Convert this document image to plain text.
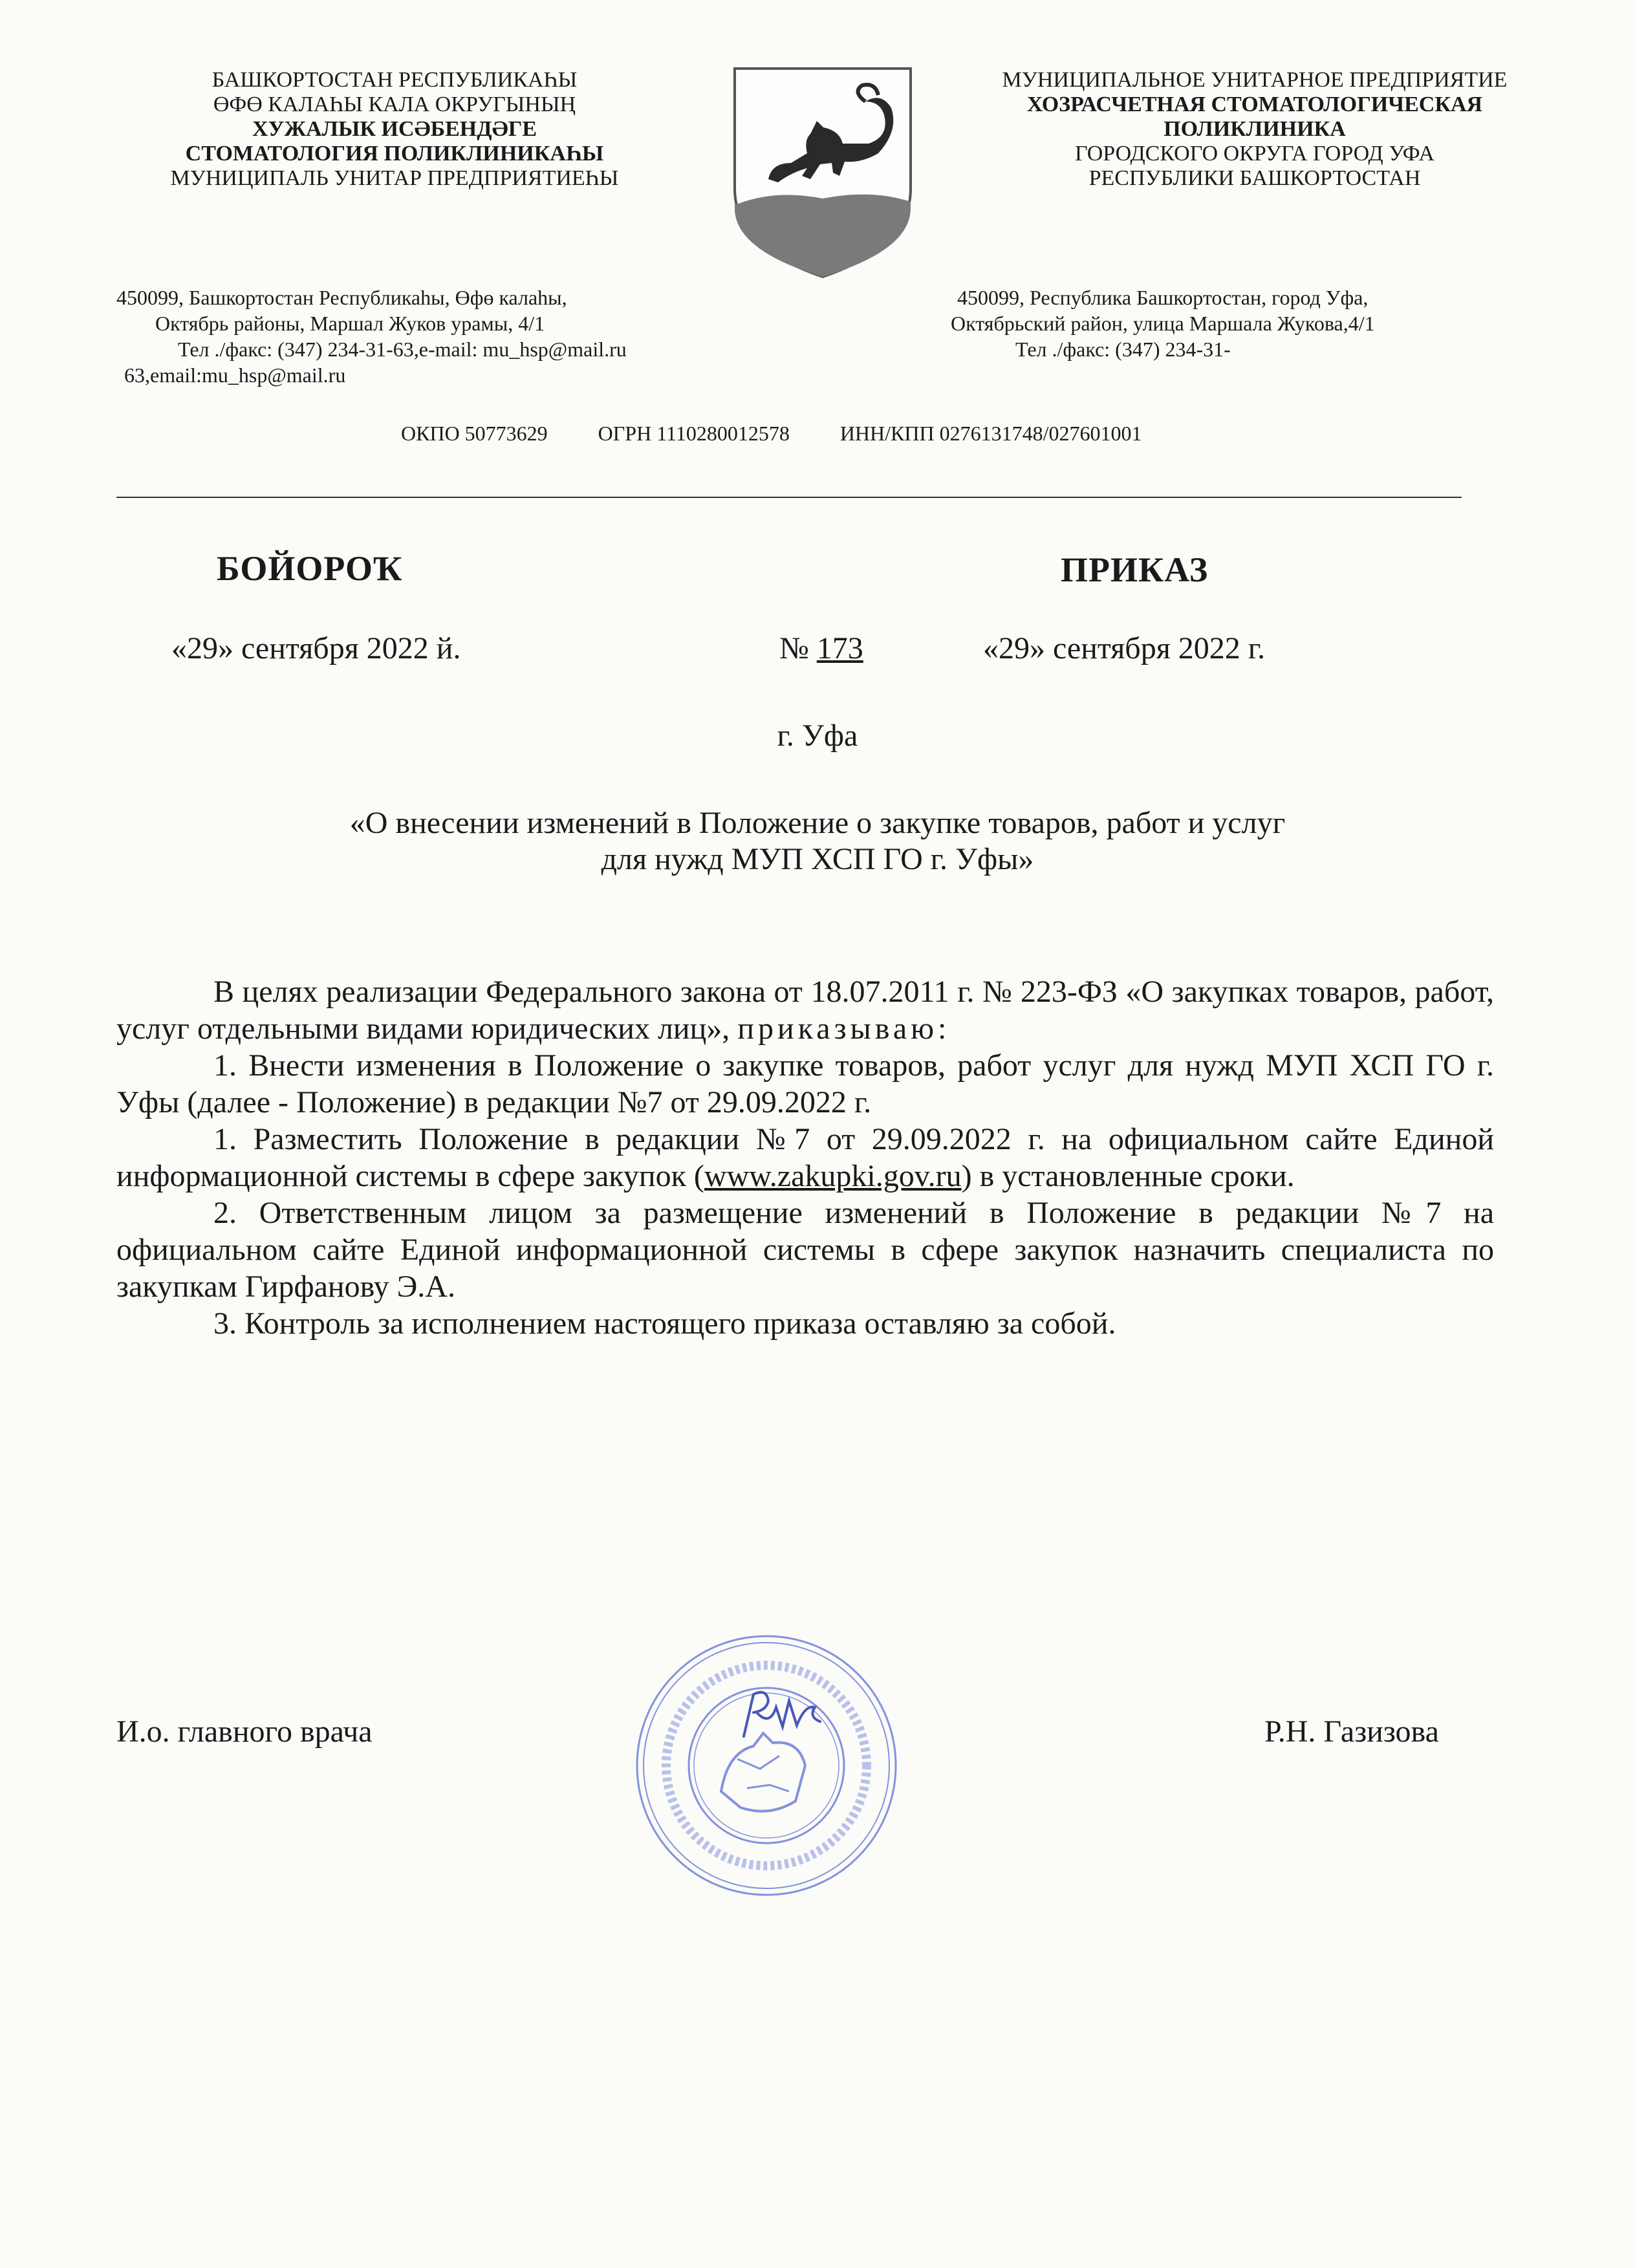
БАШКОРТОСТАН РЕСПУБЛИКАҺЫ
ӨФӨ КАЛАҺЫ КАЛА ОКРУГЫНЫҢ
ХУЖАЛЫК ИСӘБЕНДӘГЕ
СТОМАТОЛОГИЯ ПОЛИКЛИНИКАҺЫ
МУНИЦИПАЛЬ УНИТАР ПРЕДПРИЯТИЕҺЫ
МУНИЦИПАЛЬНОЕ УНИТАРНОЕ ПРЕДПРИЯТИЕ
ХОЗРАСЧЕТНАЯ СТОМАТОЛОГИЧЕСКАЯ
ПОЛИКЛИНИКА
ГОРОДСКОГО ОКРУГА ГОРОД УФА
РЕСПУБЛИКИ БАШКОРТОСТАН
450099, Башкортостан Республикаһы, Өфө калаһы,
Октябрь районы, Маршал Жуков урамы, 4/1
Тел ./факс: (347) 234-31-63,e-mail: mu_hsp@mail.ru
63,email:mu_hsp@mail.ru
450099, Республика Башкортостан, город Уфа,
Октябрьский район, улица Маршала Жукова,4/1
Тел ./факс: (347) 234-31-
ОКПО 50773629 ОГРН 1110280012578 ИНН/КПП 0276131748/027601001
БОЙОРОҠ	ПРИКАЗ
«29» сентября 2022 й.	№ 173	«29» сентября 2022 г.
г. Уфа
«О внесении изменений в Положение о закупке товаров, работ и услуг
для нужд МУП ХСП ГО г. Уфы»

В целях реализации Федерального закона от 18.07.2011 г. № 223-ФЗ «О закупках товаров, работ, услуг отдельными видами юридических лиц», приказываю:

1. Внести изменения в Положение о закупке товаров, работ услуг для нужд МУП ХСП ГО г. Уфы (далее - Положение) в редакции №7 от 29.09.2022 г.

1. Разместить Положение в редакции №7 от 29.09.2022 г. на официальном сайте Единой информационной системы в сфере закупок (www.zakupki.gov.ru) в установленные сроки.

2. Ответственным лицом за размещение изменений в Положение в редакции №7 на официальном сайте Единой информационной системы в сфере закупок назначить специалиста по закупкам Гирфанову Э.А.

3. Контроль за исполнением настоящего приказа оставляю за собой.

И.о. главного врача	Р.Н. Газизова
